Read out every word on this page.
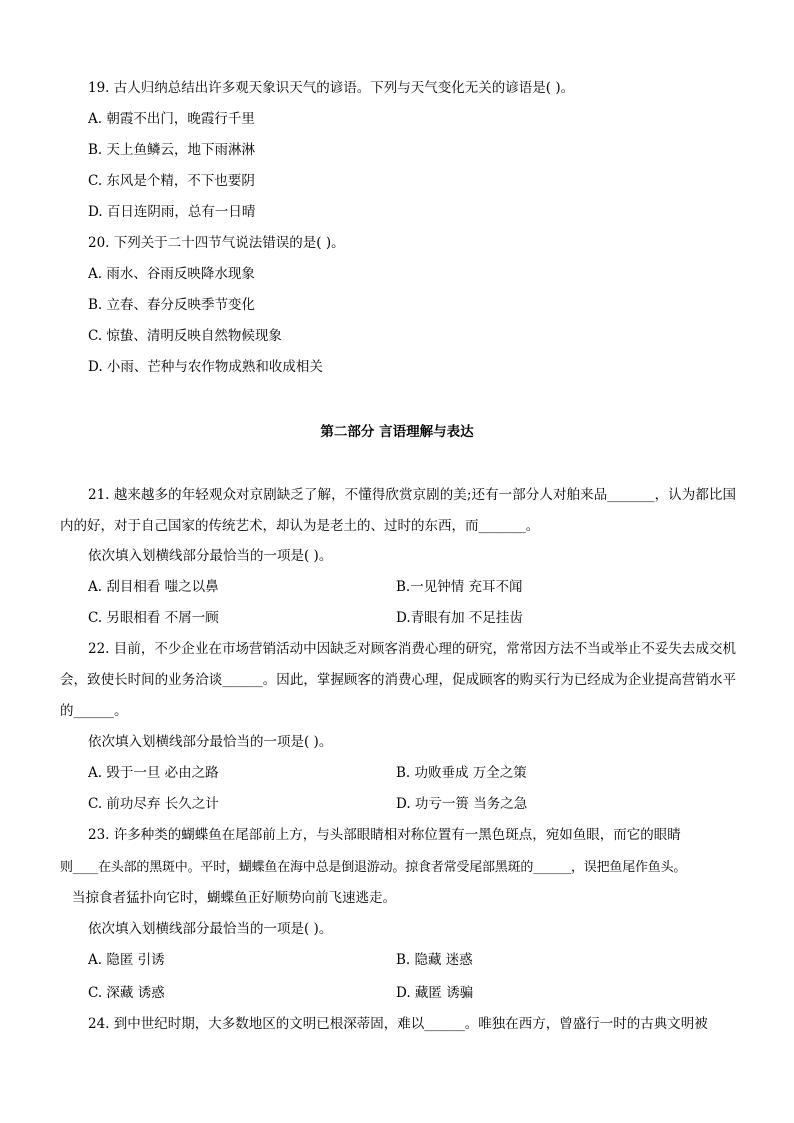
19. 古人归纳总结出许多观天象识天气的谚语。下列与天气变化无关的谚语是( )。
A. 朝霞不出门，晚霞行千里
B. 天上鱼鳞云，地下雨淋淋
C. 东风是个精，不下也要阴
D. 百日连阴雨，总有一日晴
20. 下列关于二十四节气说法错误的是( )。
A. 雨水、谷雨反映降水现象
B. 立春、春分反映季节变化
C. 惊蛰、清明反映自然物候现象
D. 小雨、芒种与农作物成熟和收成相关
第二部分 言语理解与表达
21. 越来越多的年轻观众对京剧缺乏了解，不懂得欣赏京剧的美;还有一部分人对舶来品_______，认为都比国内的好，对于自己国家的传统艺术，却认为是老土的、过时的东西，而_______。
依次填入划横线部分最恰当的一项是( )。
A. 刮目相看 嗤之以鼻	B.一见钟情 充耳不闻
C. 另眼相看 不屑一顾	D.青眼有加 不足挂齿
22. 目前，不少企业在市场营销活动中因缺乏对顾客消费心理的研究，常常因方法不当或举止不妥失去成交机会，致使长时间的业务洽谈______。因此，掌握顾客的消费心理，促成顾客的购买行为已经成为企业提高营销水平的______。
依次填入划横线部分最恰当的一项是( )。
A. 毁于一旦 必由之路	B. 功败垂成 万全之策
C. 前功尽弃 长久之计	D. 功亏一篑 当务之急
23. 许多种类的蝴蝶鱼在尾部前上方，与头部眼睛相对称位置有一黑色斑点，宛如鱼眼，而它的眼睛
则____在头部的黑斑中。平时，蝴蝶鱼在海中总是倒退游动。掠食者常受尾部黑斑的______，误把鱼尾作鱼头。
当掠食者猛扑向它时，蝴蝶鱼正好顺势向前飞速逃走。
依次填入划横线部分最恰当的一项是( )。
A. 隐匿 引诱	B. 隐藏 迷惑
C. 深藏 诱惑	D. 藏匿 诱骗
24. 到中世纪时期，大多数地区的文明已根深蒂固，难以______。唯独在西方，曾盛行一时的古典文明被
